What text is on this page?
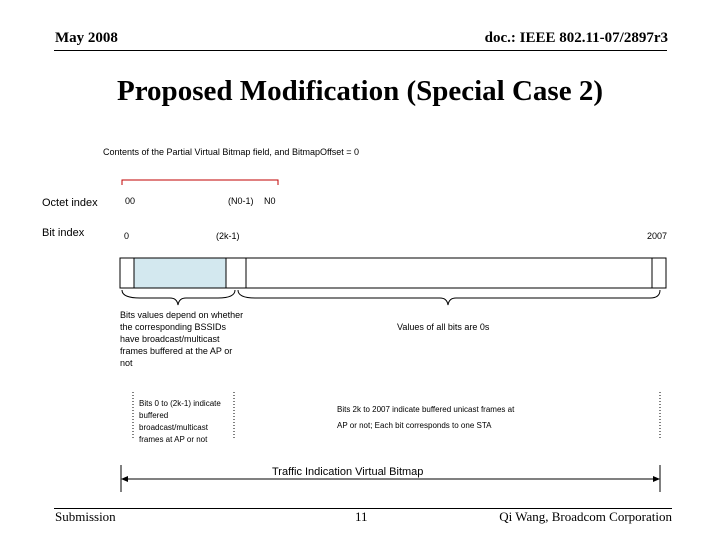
May 2008	doc.: IEEE 802.11-07/2897r3
Proposed Modification (Special Case 2)
Contents of the Partial Virtual Bitmap field, and BitmapOffset = 0
Octet index
Bit index
00	(N0-1) N0
0	(2k-1)	2007
Bits values depend on whether the corresponding BSSIDs have broadcast/multicast frames buffered at the AP or not
Values of all bits are 0s
Bits 0 to (2k-1) indicate buffered broadcast/multicast frames at AP or not
Bits 2k to 2007 indicate buffered unicast frames at
AP or not; Each bit corresponds to one STA
Traffic Indication Virtual Bitmap
Submission	11	Qi Wang, Broadcom Corporation
